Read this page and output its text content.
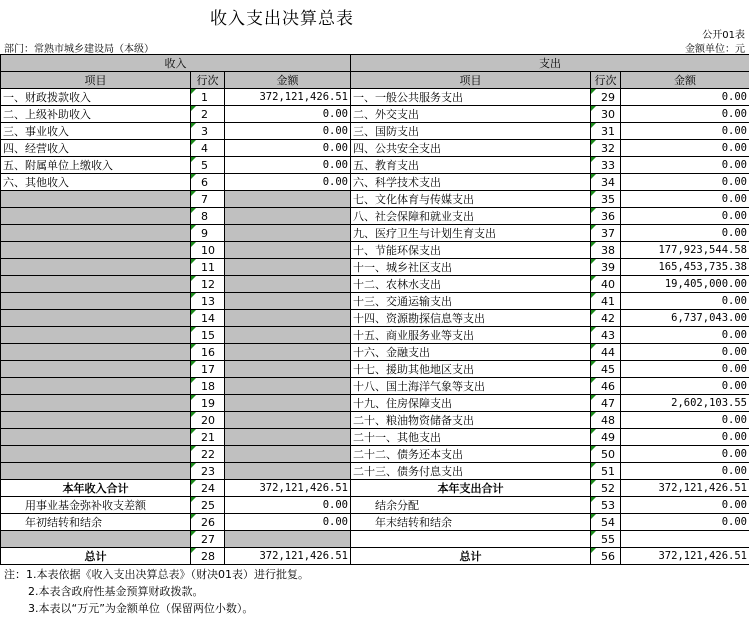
收入支出决算总表
公开01表
部门：常熟市城乡建设局（本级）	金额单位：元
收入			支出		
项目	行次	金额	项目	行次	金额
一、财政拨款收入	1	372,121,426.51	一、一般公共服务支出	29	0.00
二、上级补助收入	2	0.00	二、外交支出	30	0.00
三、事业收入	3	0.00	三、国防支出	31	0.00
四、经营收入	4	0.00	四、公共安全支出	32	0.00
五、附属单位上缴收入	5	0.00	五、教育支出	33	0.00
六、其他收入	6	0.00	六、科学技术支出	34	0.00
	7		七、文化体育与传媒支出	35	0.00
	8		八、社会保障和就业支出	36	0.00
	9		九、医疗卫生与计划生育支出	37	0.00
	10		十、节能环保支出	38	177,923,544.58
	11		十一、城乡社区支出	39	165,453,735.38
	12		十二、农林水支出	40	19,405,000.00
	13		十三、交通运输支出	41	0.00
	14		十四、资源勘探信息等支出	42	6,737,043.00
	15		十五、商业服务业等支出	43	0.00
	16		十六、金融支出	44	0.00
	17		十七、援助其他地区支出	45	0.00
	18		十八、国土海洋气象等支出	46	0.00
	19		十九、住房保障支出	47	2,602,103.55
	20		二十、粮油物资储备支出	48	0.00
	21		二十一、其他支出	49	0.00
	22		二十二、债务还本支出	50	0.00
	23		二十三、债务付息支出	51	0.00
本年收入合计	24	372,121,426.51	本年支出合计	52	372,121,426.51
用事业基金弥补收支差额	25	0.00	结余分配	53	0.00
年初结转和结余	26	0.00	年末结转和结余	54	0.00
	27			55	
总计	28	372,121,426.51	总计	56	372,121,426.51
注：1.本表依据《收入支出决算总表》（财决01表）进行批复。
2.本表含政府性基金预算财政拨款。
3.本表以“万元”为金额单位（保留两位小数）。
